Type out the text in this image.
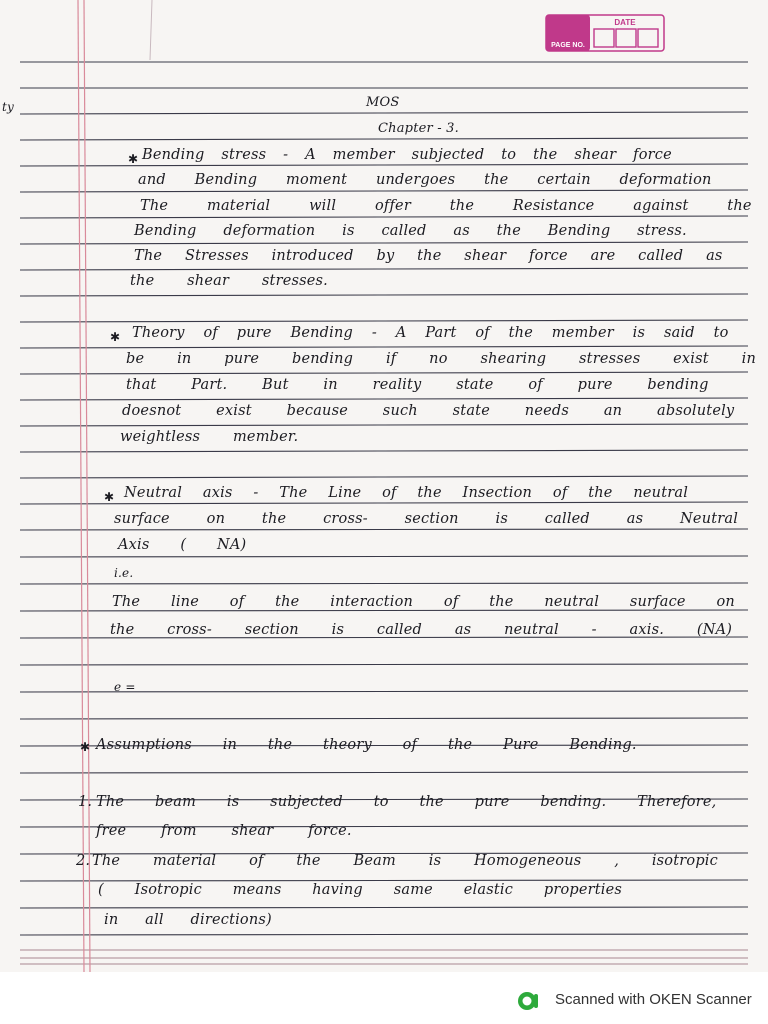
DATE
PAGE NO.
ty	MOS
Chapter - 3.
✱ Bending stress - A member subjected to the shear force
and Bending moment undergoes the certain deformation
The material will offer the Resistance against the
Bending deformation is called as the Bending stress.
The Stresses introduced by the shear force are called as
the shear stresses.
✱ Theory of pure Bending - A Part of the member is said to
be in pure bending if no shearing stresses exist in
that Part. But in reality state of pure bending
doesnot exist because such state needs an absolutely
weightless member.
✱ Neutral axis - The Line of the Insection of the neutral
surface on the cross- section is called as Neutral
Axis ( NA)
i.e.
The line of the interaction of the neutral surface on
the cross- section is called as neutral - axis. (NA)
e =
✱ Assumptions in the theory of the Pure Bending.
1. The beam is subjected to the pure bending. Therefore,
free from shear force.
2. The material of the Beam is Homogeneous , isotropic
( Isotropic means having same elastic properties
in all directions)
Scanned with OKEN Scanner
